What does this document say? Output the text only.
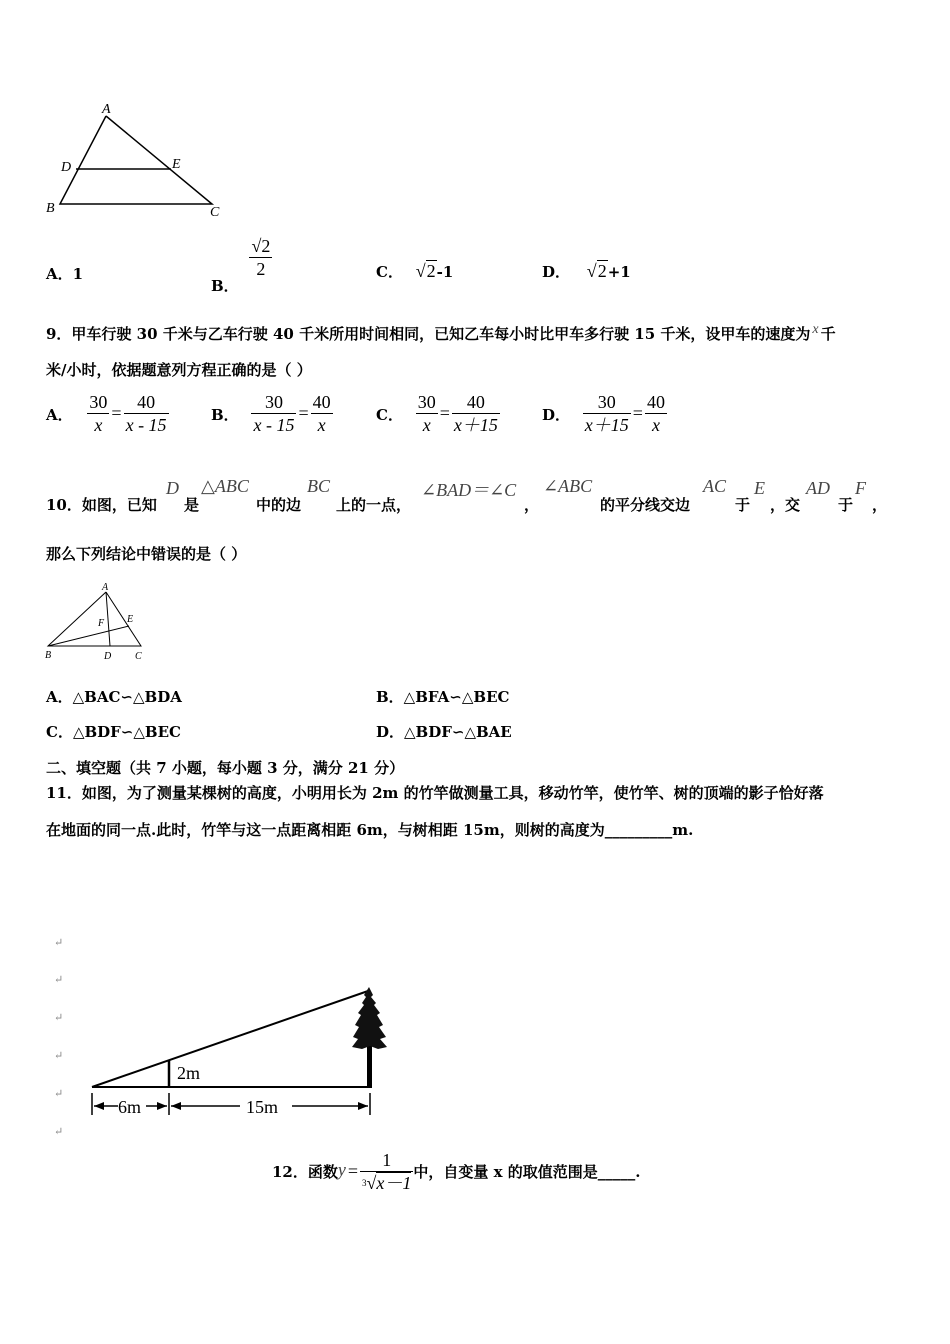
A
D	E
B	C
A．1
B．
$\frac{√2}{2}$	C． √2-1	D． √2+1
9．甲车行驶 30 千米与乙车行驶 40 千米所用时间相同，已知乙车每小时比甲车多行驶 15 千米，设甲车的速度为 $^x$ 千
米/小时，依据题意列方程正确的是（ ）
A． $\frac{30}{x} = \frac{40}{x - 15}$	B． $\frac{30}{x - 15} = \frac{40}{x}$	C． $\frac{30}{x} = \frac{40}{x+15}$	D． $\frac{30}{x+15} = \frac{40}{x}$
10．如图，已知
D
是
△ABC
中的边
BC
上的一点，
∠BAD＝∠C
，
∠ABC
的平分线交边
AC
于
E
，交
AD
于
F
，
那么下列结论中错误的是（ ）
A
F E
B	D C
A．△BAC∽△BDA	B．△BFA∽△BEC
C．△BDF∽△BEC	D．△BDF∽△BAE
二、填空题（共 7 小题，每小题 3 分，满分 21 分）
11．如图，为了测量某棵树的高度，小明用长为 2m 的竹竿做测量工具，移动竹竿，使竹竿、树的顶端的影子恰好落
在地面的同一点.此时，竹竿与这一点距离相距 6m，与树相距 15m，则树的高度为_________m.
↵
↵
↵
↵
↵
↵
2m
6m	15m
12．函数$y = \frac{1}{^3√x-1}$ 中，自变量 x 的取值范围是_____.
